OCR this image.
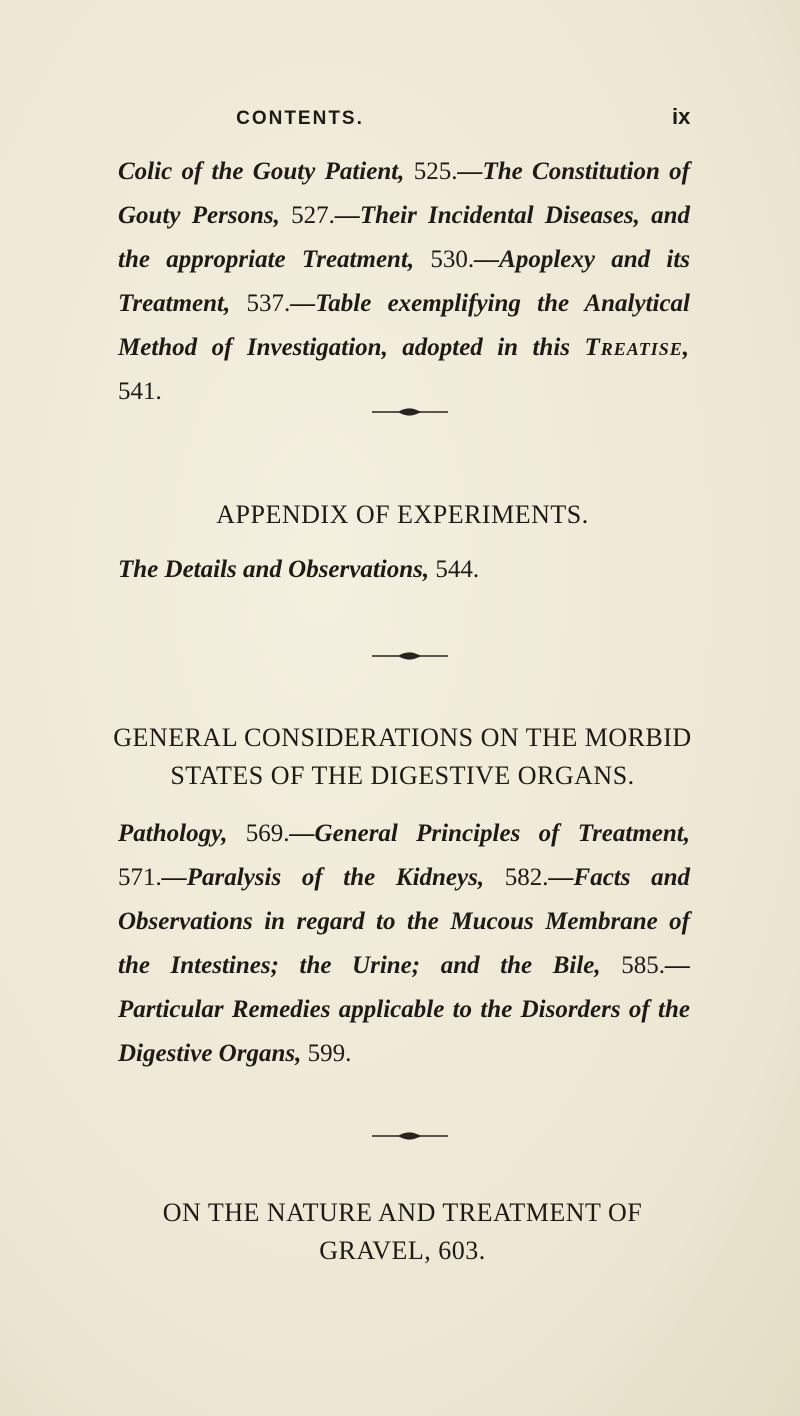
CONTENTS.	ix

Colic of the Gouty Patient, 525.—The Constitution of Gouty Persons, 527.—Their Incidental Diseases, and the appropriate Treatment, 530.—Apoplexy and its Treatment, 537.—Table exemplifying the Analytical Method of Investigation, adopted in this Treatise, 541.

APPENDIX OF EXPERIMENTS.

The Details and Observations, 544.

GENERAL CONSIDERATIONS ON THE MORBID
STATES OF THE DIGESTIVE ORGANS.

Pathology, 569.—General Principles of Treatment, 571.—Paralysis of the Kidneys, 582.—Facts and Observations in regard to the Mucous Membrane of the Intestines; the Urine; and the Bile, 585.— Particular Remedies applicable to the Disorders of the Digestive Organs, 599.

ON THE NATURE AND TREATMENT OF
GRAVEL, 603.
